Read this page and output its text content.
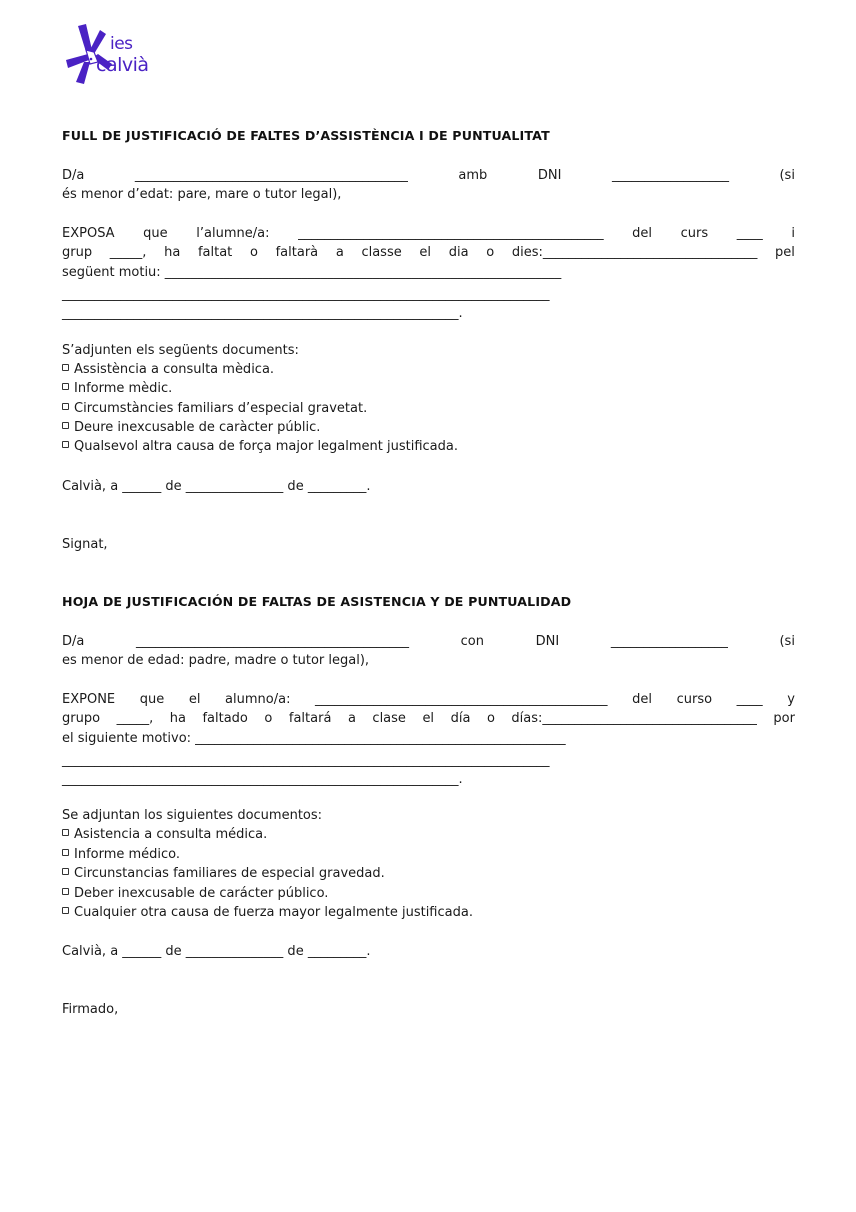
ies
calvià
FULL DE JUSTIFICACIÓ DE FALTES D’ASSISTÈNCIA I DE PUNTUALITAT
D/a	__________________________________________	amb	DNI	__________________	(si
és menor d’edat: pare, mare o tutor legal),
EXPOSA que l’alumne/a: _______________________________________________ del curs ____ i
grup _____, ha faltat o faltarà a classe el dia o dies:_________________________________ pel
següent motiu: _____________________________________________________________
___________________________________________________________________________
_____________________________________________________________.
S’adjunten els següents documents:
Assistència a consulta mèdica.
Informe mèdic.
Circumstàncies familiars d’especial gravetat.
Deure inexcusable de caràcter públic.
Qualsevol altra causa de força major legalment justificada.
Calvià, a ______ de _______________ de _________.
Signat,
HOJA DE JUSTIFICACIÓN DE FALTAS DE ASISTENCIA Y DE PUNTUALIDAD
D/a	__________________________________________	con	DNI	__________________	(si
es menor de edad: padre, madre o tutor legal),
EXPONE que el alumno/a: _____________________________________________ del curso ____ y
grupo _____, ha faltado o faltará a clase el día o días:_________________________________ por
el siguiente motivo: _________________________________________________________
___________________________________________________________________________
_____________________________________________________________.
Se adjuntan los siguientes documentos:
Asistencia a consulta médica.
Informe médico.
Circunstancias familiares de especial gravedad.
Deber inexcusable de carácter público.
Cualquier otra causa de fuerza mayor legalmente justificada.
Calvià, a ______ de _______________ de _________.
Firmado,
